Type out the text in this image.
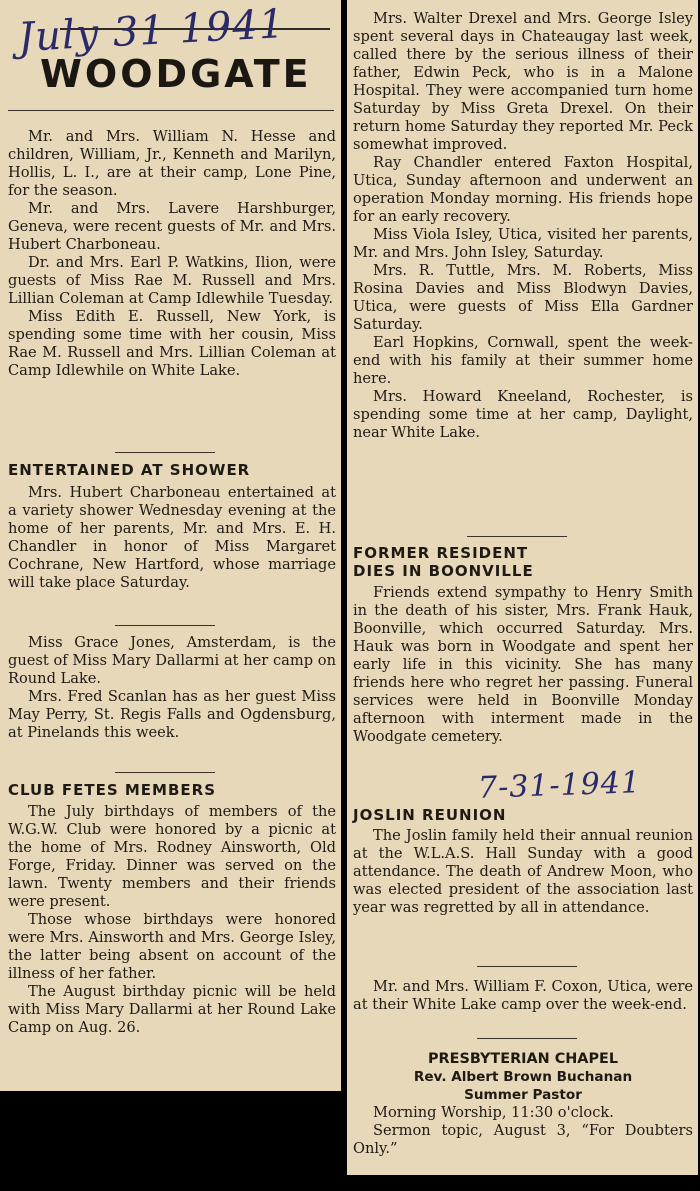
July 31 1941
WOODGATE

Mr. and Mrs. William N. Hesse and children, William, Jr., Kenneth and Marilyn, Hollis, L. I., are at their camp, Lone Pine, for the season.

Mr. and Mrs. Lavere Harshburger, Geneva, were recent guests of Mr. and Mrs. Hubert Charboneau.

Dr. and Mrs. Earl P. Watkins, Ilion, were guests of Miss Rae M. Russell and Mrs. Lillian Coleman at Camp Idlewhile Tuesday.

Miss Edith E. Russell, New York, is spending some time with her cousin, Miss Rae M. Russell and Mrs. Lillian Coleman at Camp Idlewhile on White Lake.

ENTERTAINED AT SHOWER

Mrs. Hubert Charboneau entertained at a variety shower Wednesday evening at the home of her parents, Mr. and Mrs. E. H. Chandler in honor of Miss Margaret Cochrane, New Hartford, whose marriage will take place Saturday.

Miss Grace Jones, Amsterdam, is the guest of Miss Mary Dallarmi at her camp on Round Lake.

Mrs. Fred Scanlan has as her guest Miss May Perry, St. Regis Falls and Ogdensburg, at Pinelands this week.

CLUB FETES MEMBERS

The July birthdays of members of the W.G.W. Club were honored by a picnic at the home of Mrs. Rodney Ainsworth, Old Forge, Friday. Dinner was served on the lawn. Twenty members and their friends were present.

Those whose birthdays were honored were Mrs. Ainsworth and Mrs. George Isley, the latter being absent on account of the illness of her father.

The August birthday picnic will be held with Miss Mary Dallarmi at her Round Lake Camp on Aug. 26.

Mrs. Walter Drexel and Mrs. George Isley spent several days in Chateaugay last week, called there by the serious illness of their father, Edwin Peck, who is in a Malone Hospital. They were accompanied turn home Saturday by Miss Greta Drexel. On their return home Saturday they reported Mr. Peck somewhat improved.

Ray Chandler entered Faxton Hospital, Utica, Sunday afternoon and underwent an operation Monday morning. His friends hope for an early recovery.

Miss Viola Isley, Utica, visited her parents, Mr. and Mrs. John Isley, Saturday.

Mrs. R. Tuttle, Mrs. M. Roberts, Miss Rosina Davies and Miss Blodwyn Davies, Utica, were guests of Miss Ella Gardner Saturday.

Earl Hopkins, Cornwall, spent the week-end with his family at their summer home here.

Mrs. Howard Kneeland, Rochester, is spending some time at her camp, Daylight, near White Lake.

FORMER RESIDENT
DIES IN BOONVILLE

Friends extend sympathy to Henry Smith in the death of his sister, Mrs. Frank Hauk, Boonville, which occurred Saturday. Mrs. Hauk was born in Woodgate and spent her early life in this vicinity. She has many friends here who regret her passing. Funeral services were held in Boonville Monday afternoon with interment made in the Woodgate cemetery.

JOSLIN REUNION

The Joslin family held their annual reunion at the W.L.A.S. Hall Sunday with a good attendance. The death of Andrew Moon, who was elected president of the association last year was regretted by all in attendance.

Mr. and Mrs. William F. Coxon, Utica, were at their White Lake camp over the week-end.

PRESBYTERIAN CHAPEL
Rev. Albert Brown Buchanan
Summer Pastor

Morning Worship, 11:30 o'clock.

Sermon topic, August 3, “For Doubters Only.”

7-31-1941
